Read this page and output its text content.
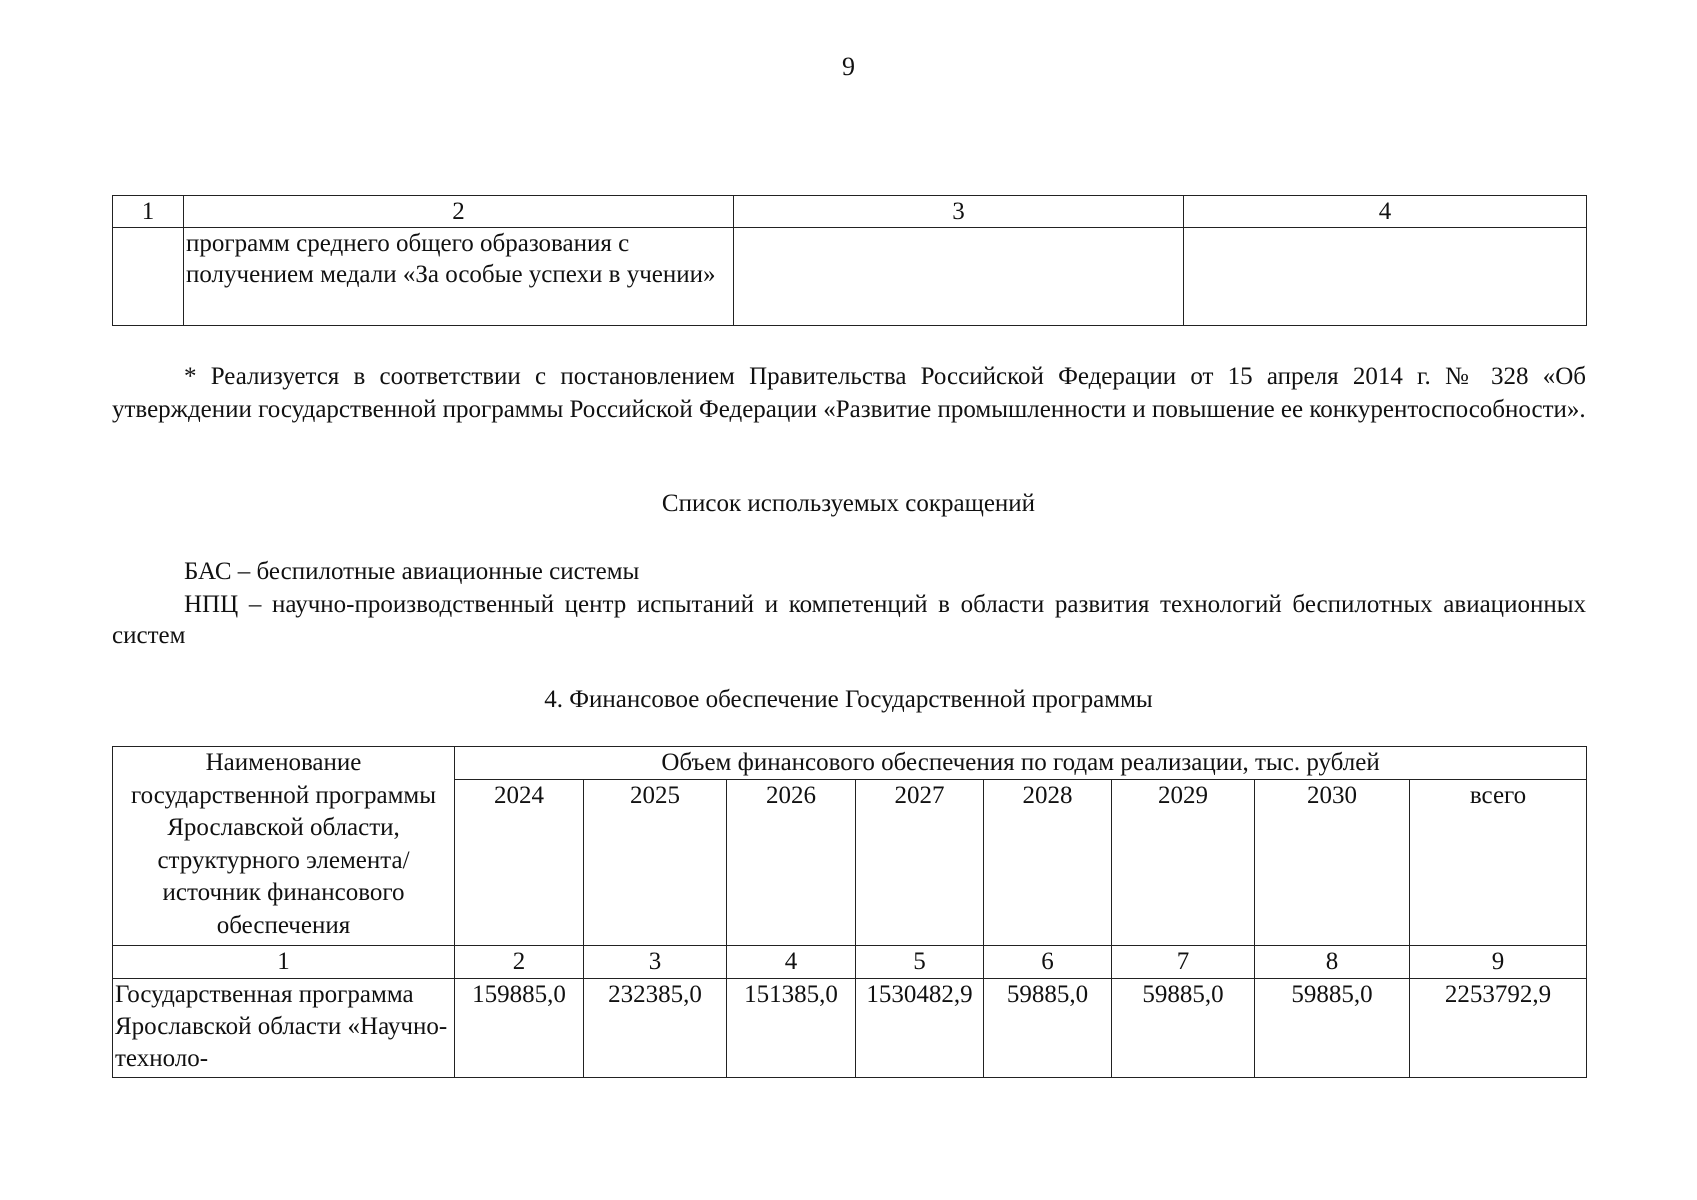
9
1	2	3	4
	программ среднего общего образования с получением медали «За особые успехи в учении»		

* Реализуется в соответствии с постановлением Правительства Российской Федерации от 15 апреля 2014 г. № 328 «Об утверждении государственной программы Российской Федерации «Развитие промышленности и повышение ее конкурентоспособности».

Список используемых сокращений

БАС – беспилотные авиационные системы

НПЦ – научно-производственный центр испытаний и компетенций в области развития технологий беспилотных авиационных систем

4. Финансовое обеспечение Государственной программы
Наименование государственной программы Ярославской области, структурного элемента/ источник финансового обеспечения	Объем финансового обеспечения по годам реализации, тыс. рублей							
	2024	2025	2026	2027	2028	2029	2030	всего
1	2	3	4	5	6	7	8	9
Государственная программа Ярославской области «Научно-техноло-	159885,0	232385,0	151385,0	1530482,9	59885,0	59885,0	59885,0	2253792,9
